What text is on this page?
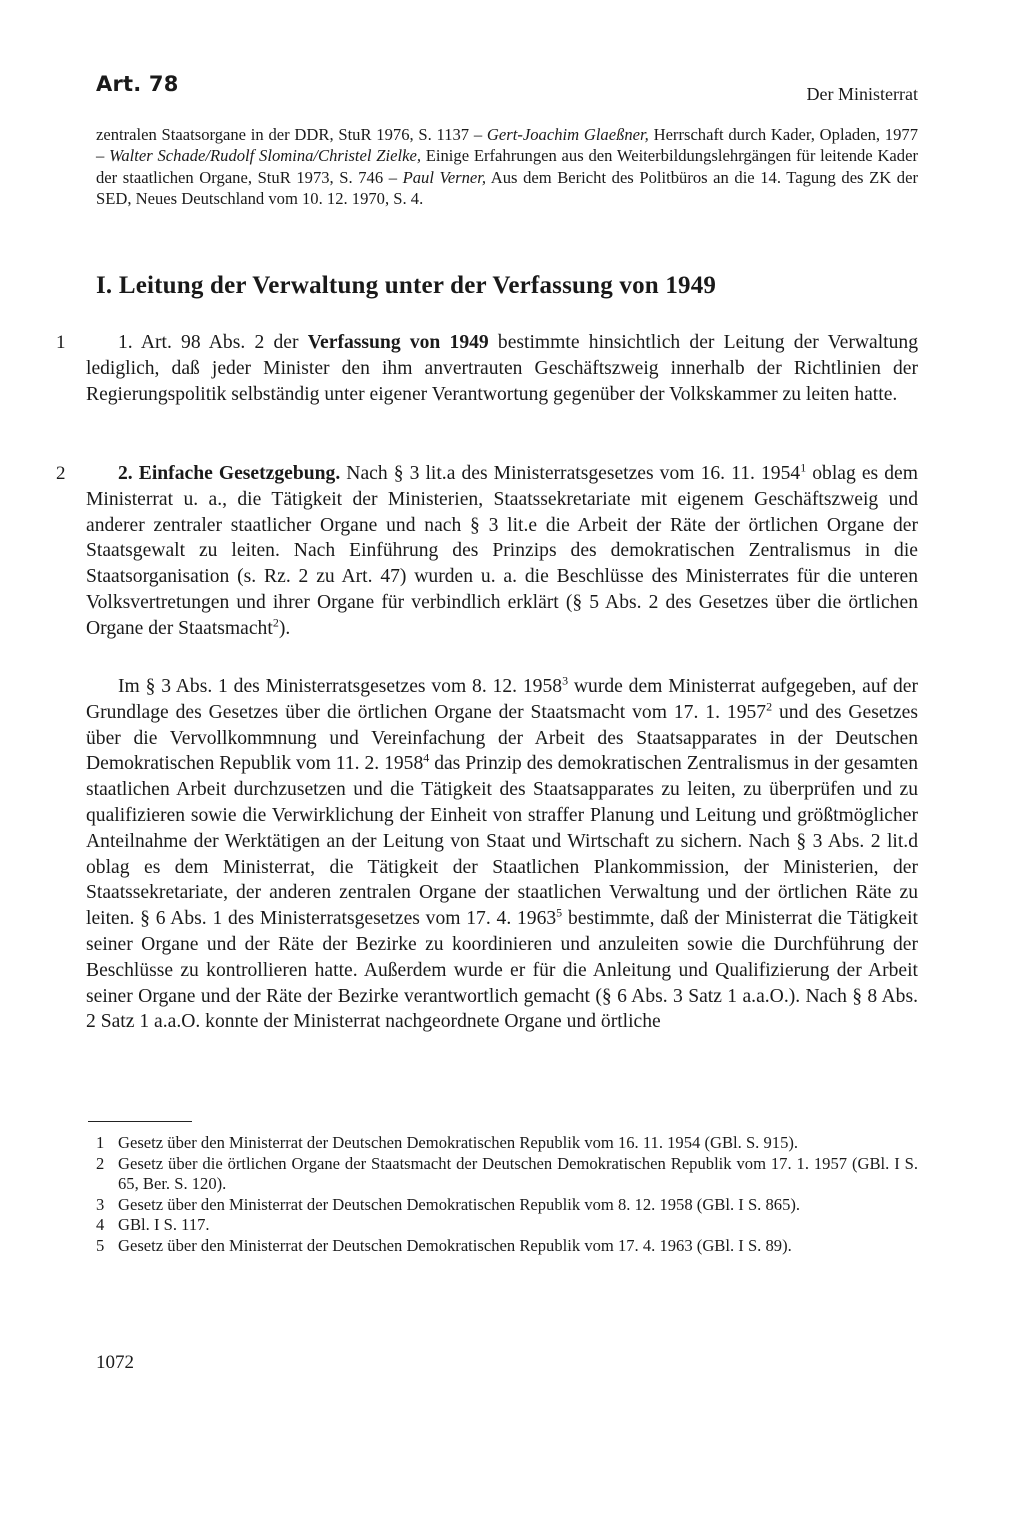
Art. 78	Der Ministerrat
zentralen Staatsorgane in der DDR, StuR 1976, S. 1137 – Gert-Joachim Glaeßner, Herrschaft durch Kader, Opladen, 1977 – Walter Schade/Rudolf Slomina/Christel Zielke, Einige Erfahrungen aus den Weiterbildungslehrgängen für leitende Kader der staatlichen Organe, StuR 1973, S. 746 – Paul Verner, Aus dem Bericht des Politbüros an die 14. Tagung des ZK der SED, Neues Deutschland vom 10. 12. 1970, S. 4.
I. Leitung der Verwaltung unter der Verfassung von 1949
1	1. Art. 98 Abs. 2 der Verfassung von 1949 bestimmte hinsichtlich der Leitung der Verwaltung lediglich, daß jeder Minister den ihm anvertrauten Geschäftszweig innerhalb der Richtlinien der Regierungspolitik selbständig unter eigener Verantwortung gegenüber der Volkskammer zu leiten hatte.

2	2. Einfache Gesetzgebung. Nach § 3 lit.a des Ministerratsgesetzes vom 16. 11. 1954$^1$ oblag es dem Ministerrat u. a., die Tätigkeit der Ministerien, Staatssekretariate mit eigenem Geschäftszweig und anderer zentraler staatlicher Organe und nach § 3 lit.e die Arbeit der Räte der örtlichen Organe der Staatsgewalt zu leiten. Nach Einführung des Prinzips des demokratischen Zentralismus in die Staatsorganisation (s. Rz. 2 zu Art. 47) wurden u. a. die Beschlüsse des Ministerrates für die unteren Volksvertretungen und ihrer Organe für verbindlich erklärt (§ 5 Abs. 2 des Gesetzes über die örtlichen Organe der Staatsmacht$^2$).

Im § 3 Abs. 1 des Ministerratsgesetzes vom 8. 12. 1958$^3$ wurde dem Ministerrat aufgegeben, auf der Grundlage des Gesetzes über die örtlichen Organe der Staatsmacht vom 17. 1. 1957$^2$ und des Gesetzes über die Vervollkommnung und Vereinfachung der Arbeit des Staatsapparates in der Deutschen Demokratischen Republik vom 11. 2. 1958$^4$ das Prinzip des demokratischen Zentralismus in der gesamten staatlichen Arbeit durchzusetzen und die Tätigkeit des Staatsapparates zu leiten, zu überprüfen und zu qualifizieren sowie die Verwirklichung der Einheit von straffer Planung und Leitung und größtmöglicher Anteilnahme der Werktätigen an der Leitung von Staat und Wirtschaft zu sichern. Nach § 3 Abs. 2 lit.d oblag es dem Ministerrat, die Tätigkeit der Staatlichen Plankommission, der Ministerien, der Staatssekretariate, der anderen zentralen Organe der staatlichen Verwaltung und der örtlichen Räte zu leiten. § 6 Abs. 1 des Ministerratsgesetzes vom 17. 4. 1963$^5$ bestimmte, daß der Ministerrat die Tätigkeit seiner Organe und der Räte der Bezirke zu koordinieren und anzuleiten sowie die Durchführung der Beschlüsse zu kontrollieren hatte. Außerdem wurde er für die Anleitung und Qualifizierung der Arbeit seiner Organe und der Räte der Bezirke verantwortlich gemacht (§ 6 Abs. 3 Satz 1 a.a.O.). Nach § 8 Abs. 2 Satz 1 a.a.O. konnte der Ministerrat nachgeordnete Organe und örtliche

1 Gesetz über den Ministerrat der Deutschen Demokratischen Republik vom 16. 11. 1954 (GBl. S. 915).
2 Gesetz über die örtlichen Organe der Staatsmacht der Deutschen Demokratischen Republik vom 17. 1. 1957 (GBl. I S. 65, Ber. S. 120).
3 Gesetz über den Ministerrat der Deutschen Demokratischen Republik vom 8. 12. 1958 (GBl. I S. 865).
4 GBl. I S. 117.
5 Gesetz über den Ministerrat der Deutschen Demokratischen Republik vom 17. 4. 1963 (GBl. I S. 89).
1072
